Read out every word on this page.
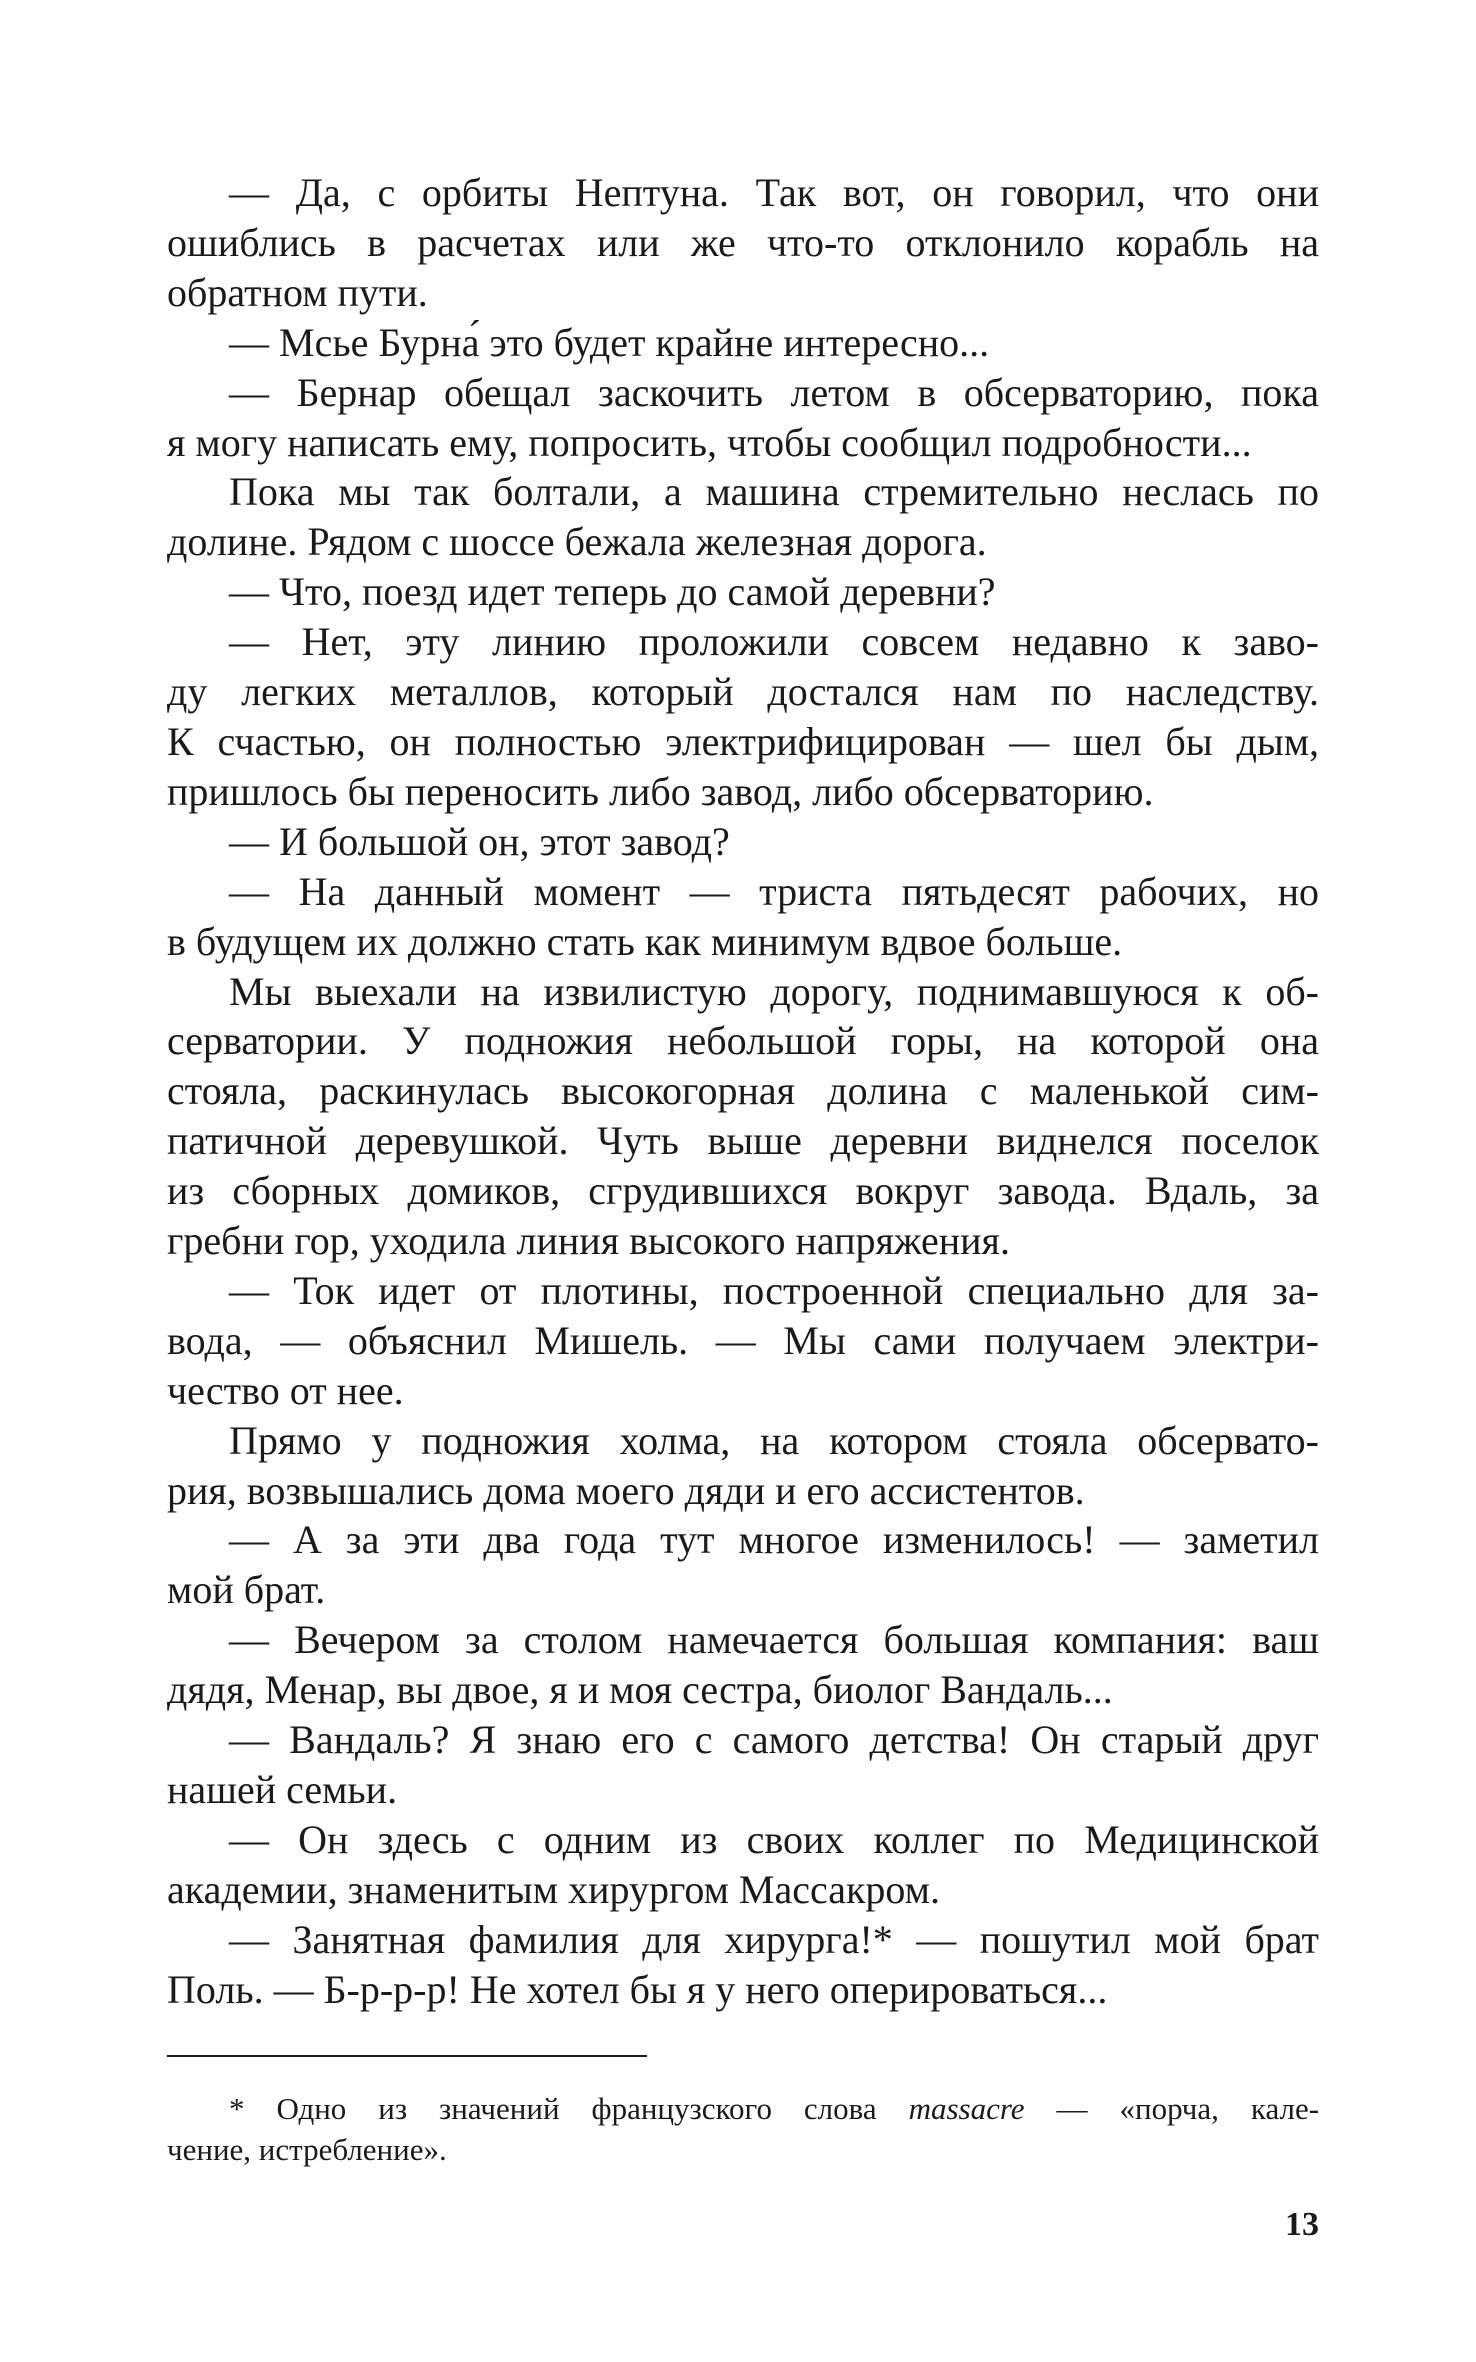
— Да, с орбиты Нептуна. Так вот, он говорил, что они
ошиблись в расчетах или же что-то отклонило корабль на
обратном пути.

— Мсье Бурна́ это будет крайне интересно...

— Бернар обещал заскочить летом в обсерваторию, пока
я могу написать ему, попросить, чтобы сообщил подробности...

Пока мы так болтали, а машина стремительно неслась по
долине. Рядом с шоссе бежала железная дорога.

— Что, поезд идет теперь до самой деревни?

— Нет, эту линию проложили совсем недавно к заво-
ду легких металлов, который достался нам по наследству.
К счастью, он полностью электрифицирован — шел бы дым,
пришлось бы переносить либо завод, либо обсерваторию.

— И большой он, этот завод?

— На данный момент — триста пятьдесят рабочих, но
в будущем их должно стать как минимум вдвое больше.

Мы выехали на извилистую дорогу, поднимавшуюся к об-
серватории. У подножия небольшой горы, на которой она
стояла, раскинулась высокогорная долина с маленькой сим-
патичной деревушкой. Чуть выше деревни виднелся поселок
из сборных домиков, сгрудившихся вокруг завода. Вдаль, за
гребни гор, уходила линия высокого напряжения.

— Ток идет от плотины, построенной специально для за-
вода, — объяснил Мишель. — Мы сами получаем электри-
чество от нее.

Прямо у подножия холма, на котором стояла обсервато-
рия, возвышались дома моего дяди и его ассистентов.

— А за эти два года тут многое изменилось! — заметил
мой брат.

— Вечером за столом намечается большая компания: ваш
дядя, Менар, вы двое, я и моя сестра, биолог Вандаль...

— Вандаль? Я знаю его с самого детства! Он старый друг
нашей семьи.

— Он здесь с одним из своих коллег по Медицинской
академии, знаменитым хирургом Массакром.

— Занятная фамилия для хирурга!* — пошутил мой брат
Поль. — Б-р-р-р! Не хотел бы я у него оперироваться...

* Одно из значений французского слова massacre — «порча, кале-
чение, истребление».
13
